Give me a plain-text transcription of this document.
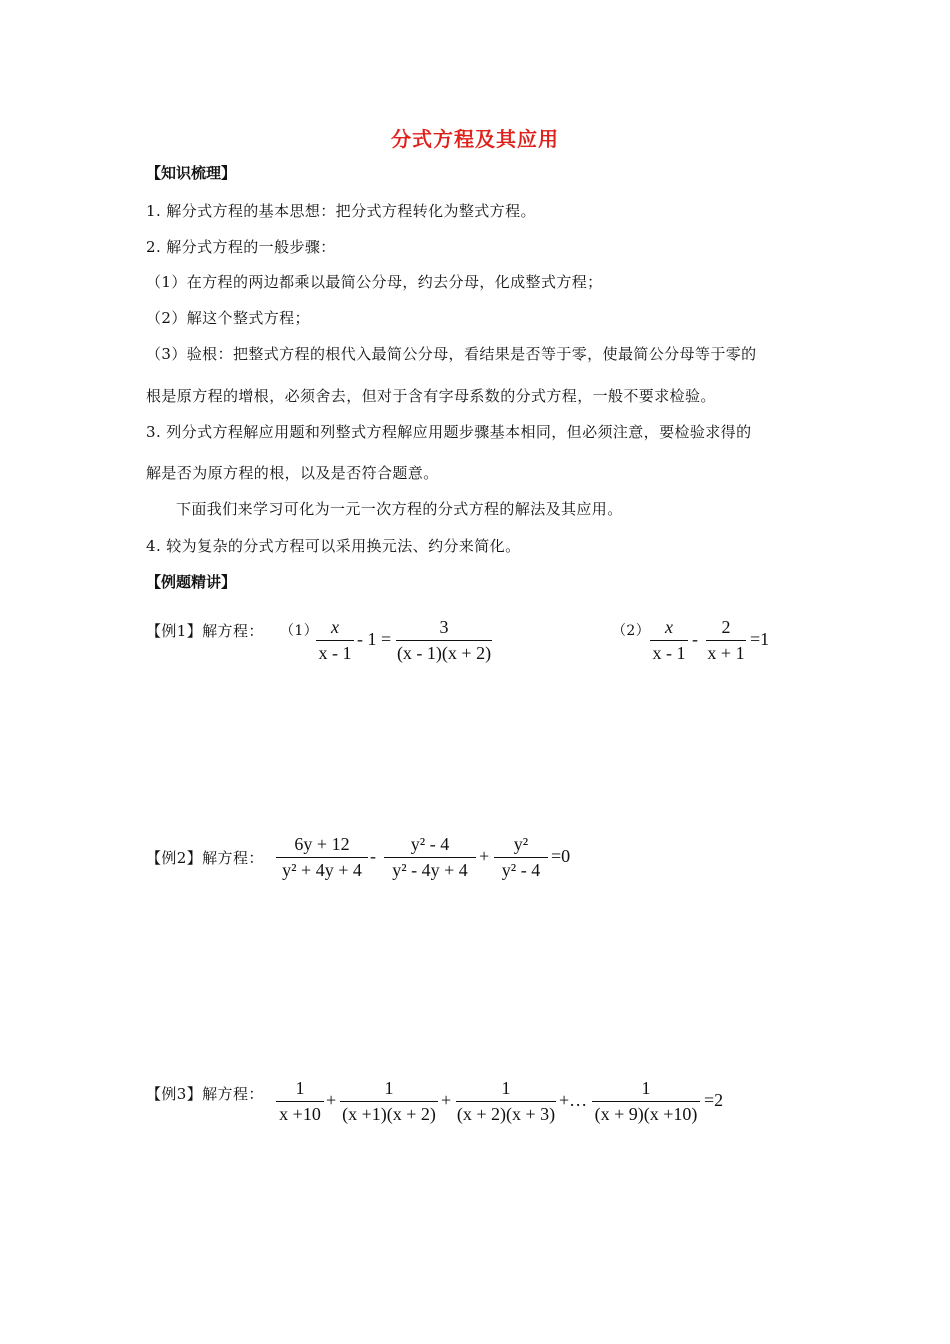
分式方程及其应用
【知识梳理】
1. 解分式方程的基本思想：把分式方程转化为整式方程。
2. 解分式方程的一般步骤：
（1）在方程的两边都乘以最简公分母，约去分母，化成整式方程；
（2）解这个整式方程；
（3）验根：把整式方程的根代入最简公分母，看结果是否等于零，使最简公分母等于零的
根是原方程的增根，必须舍去，但对于含有字母系数的分式方程，一般不要求检验。
3. 列分式方程解应用题和列整式方程解应用题步骤基本相同，但必须注意，要检验求得的
解是否为原方程的根，以及是否符合题意。
下面我们来学习可化为一元一次方程的分式方程的解法及其应用。
4. 较为复杂的分式方程可以采用换元法、约分来简化。
【例题精讲】
【例1】解方程： （1） x
x - 1
- 1 =
3
(x - 1)(x + 2)
（2） x
x - 1
-
2
x + 1
=1
【例2】解方程：
6y + 12
y² + 4y + 4
-
y² - 4
y² - 4y + 4
+
y²
y² - 4
=0
【例3】解方程：	1
x +10
+
1
(x +1)(x + 2)
+
1
(x + 2)(x + 3)
+…
1
(x + 9)(x +10)
=2
